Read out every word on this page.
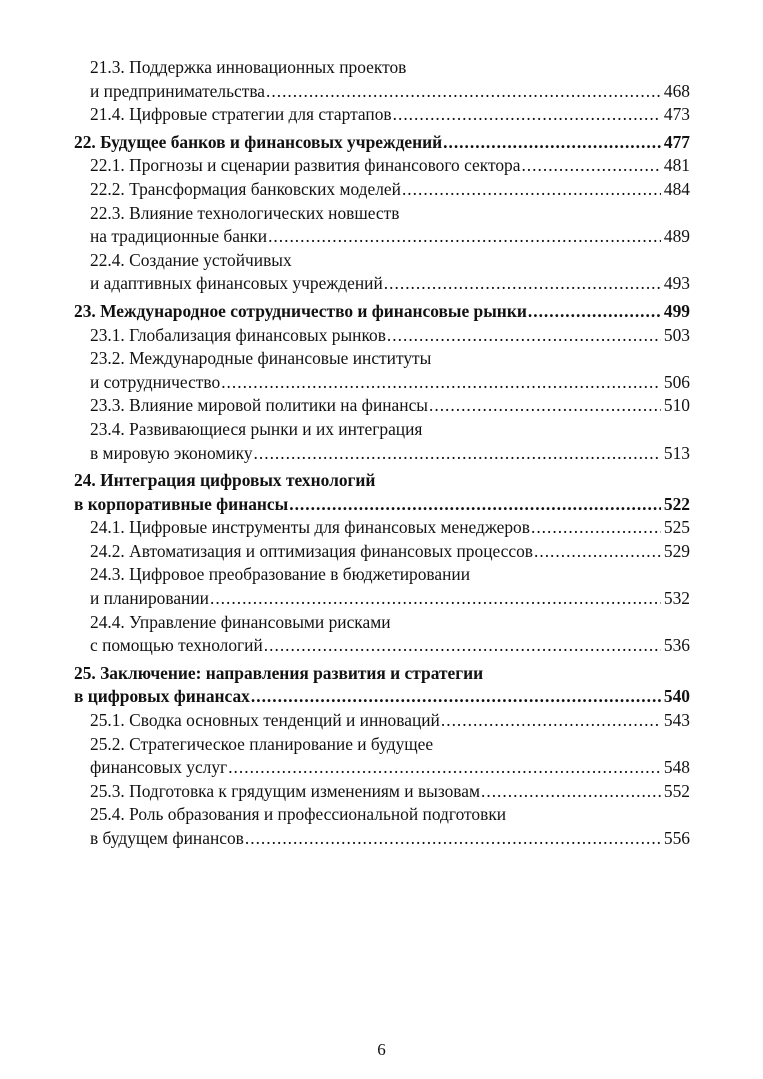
21.3. Поддержка инновационных проектов
и предпринимательства .....	468
21.4. Цифровые стратегии для стартапов .....	473
22. Будущее банков и финансовых учреждений .....	477
22.1. Прогнозы и сценарии развития финансового сектора .....	481
22.2. Трансформация банковских моделей .....	484
22.3. Влияние технологических новшеств
на традиционные банки .....	489
22.4. Создание устойчивых
и адаптивных финансовых учреждений .....	493
23. Международное сотрудничество и финансовые рынки .....	499
23.1. Глобализация финансовых рынков .....	503
23.2. Международные финансовые институты
и сотрудничество .....	506
23.3. Влияние мировой политики на финансы .....	510
23.4. Развивающиеся рынки и их интеграция
в мировую экономику .....	513
24. Интеграция цифровых технологий
в корпоративные финансы .....	522
24.1. Цифровые инструменты для финансовых менеджеров .....	525
24.2. Автоматизация и оптимизация финансовых процессов .....	529
24.3. Цифровое преобразование в бюджетировании
и планировании .....	532
24.4. Управление финансовыми рисками
с помощью технологий .....	536
25. Заключение: направления развития и стратегии
в цифровых финансах .....	540
25.1. Сводка основных тенденций и инноваций .....	543
25.2. Стратегическое планирование и будущее
финансовых услуг .....	548
25.3. Подготовка к грядущим изменениям и вызовам .....	552
25.4. Роль образования и профессиональной подготовки
в будущем финансов .....	556
6
